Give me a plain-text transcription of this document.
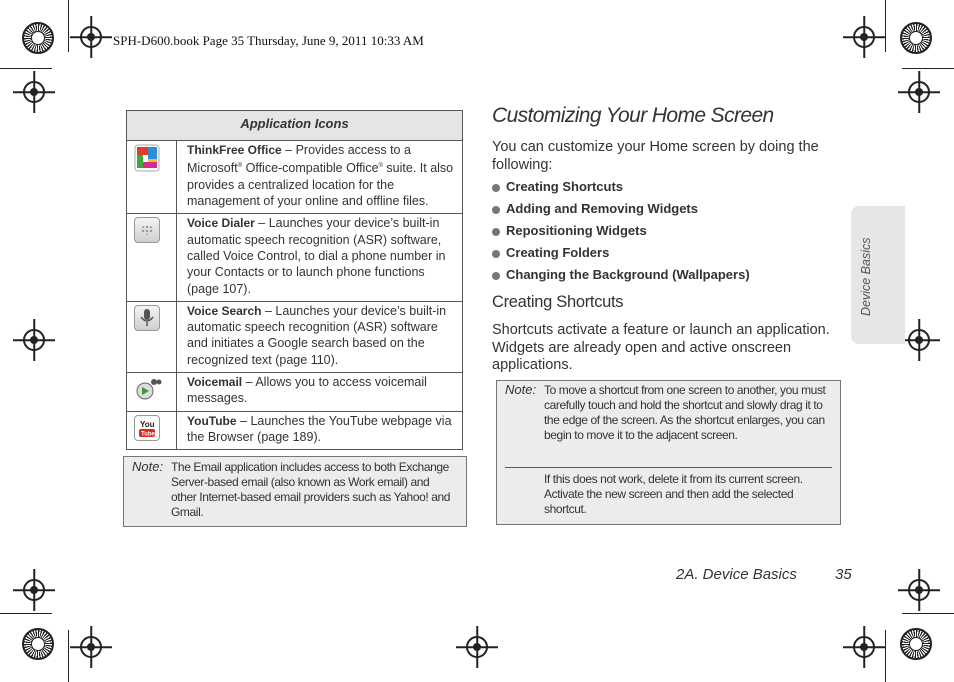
SPH-D600.book Page 35 Thursday, June 9, 2011 10:33 AM
Application Icons	

	ThinkFree Office – Provides access to a Microsoft® Office-compatible Office® suite. It also provides a centralized location for the management of your online and offline files.

	Voice Dialer – Launches your device’s built-in automatic speech recognition (ASR) software, called Voice Control, to dial a phone number in your Contacts or to launch phone functions (page 107).

	Voice Search – Launches your device’s built-in automatic speech recognition (ASR) software and initiates a Google search based on the recognized text (page 110).

	Voicemail – Allows you to access voicemail messages.

You
Tube	YouTube – Launches the YouTube webpage via the Browser (page 189).
Note: The Email application includes access to both Exchange Server-based email (also known as Work email) and other Internet-based email providers such as Yahoo! and Gmail.
Customizing Your Home Screen
You can customize your Home screen by doing the following:
Creating Shortcuts
Adding and Removing Widgets
Repositioning Widgets
Creating Folders
Changing the Background (Wallpapers)
Creating Shortcuts
Shortcuts activate a feature or launch an application. Widgets are already open and active onscreen applications.
Note: To move a shortcut from one screen to another, you must carefully touch and hold the shortcut and slowly drag it to the edge of the screen. As the shortcut enlarges, you can begin to move it to the adjacent screen.
If this does not work, delete it from its current screen. Activate the new screen and then add the selected shortcut.
Device Basics
2A. Device Basics	35
